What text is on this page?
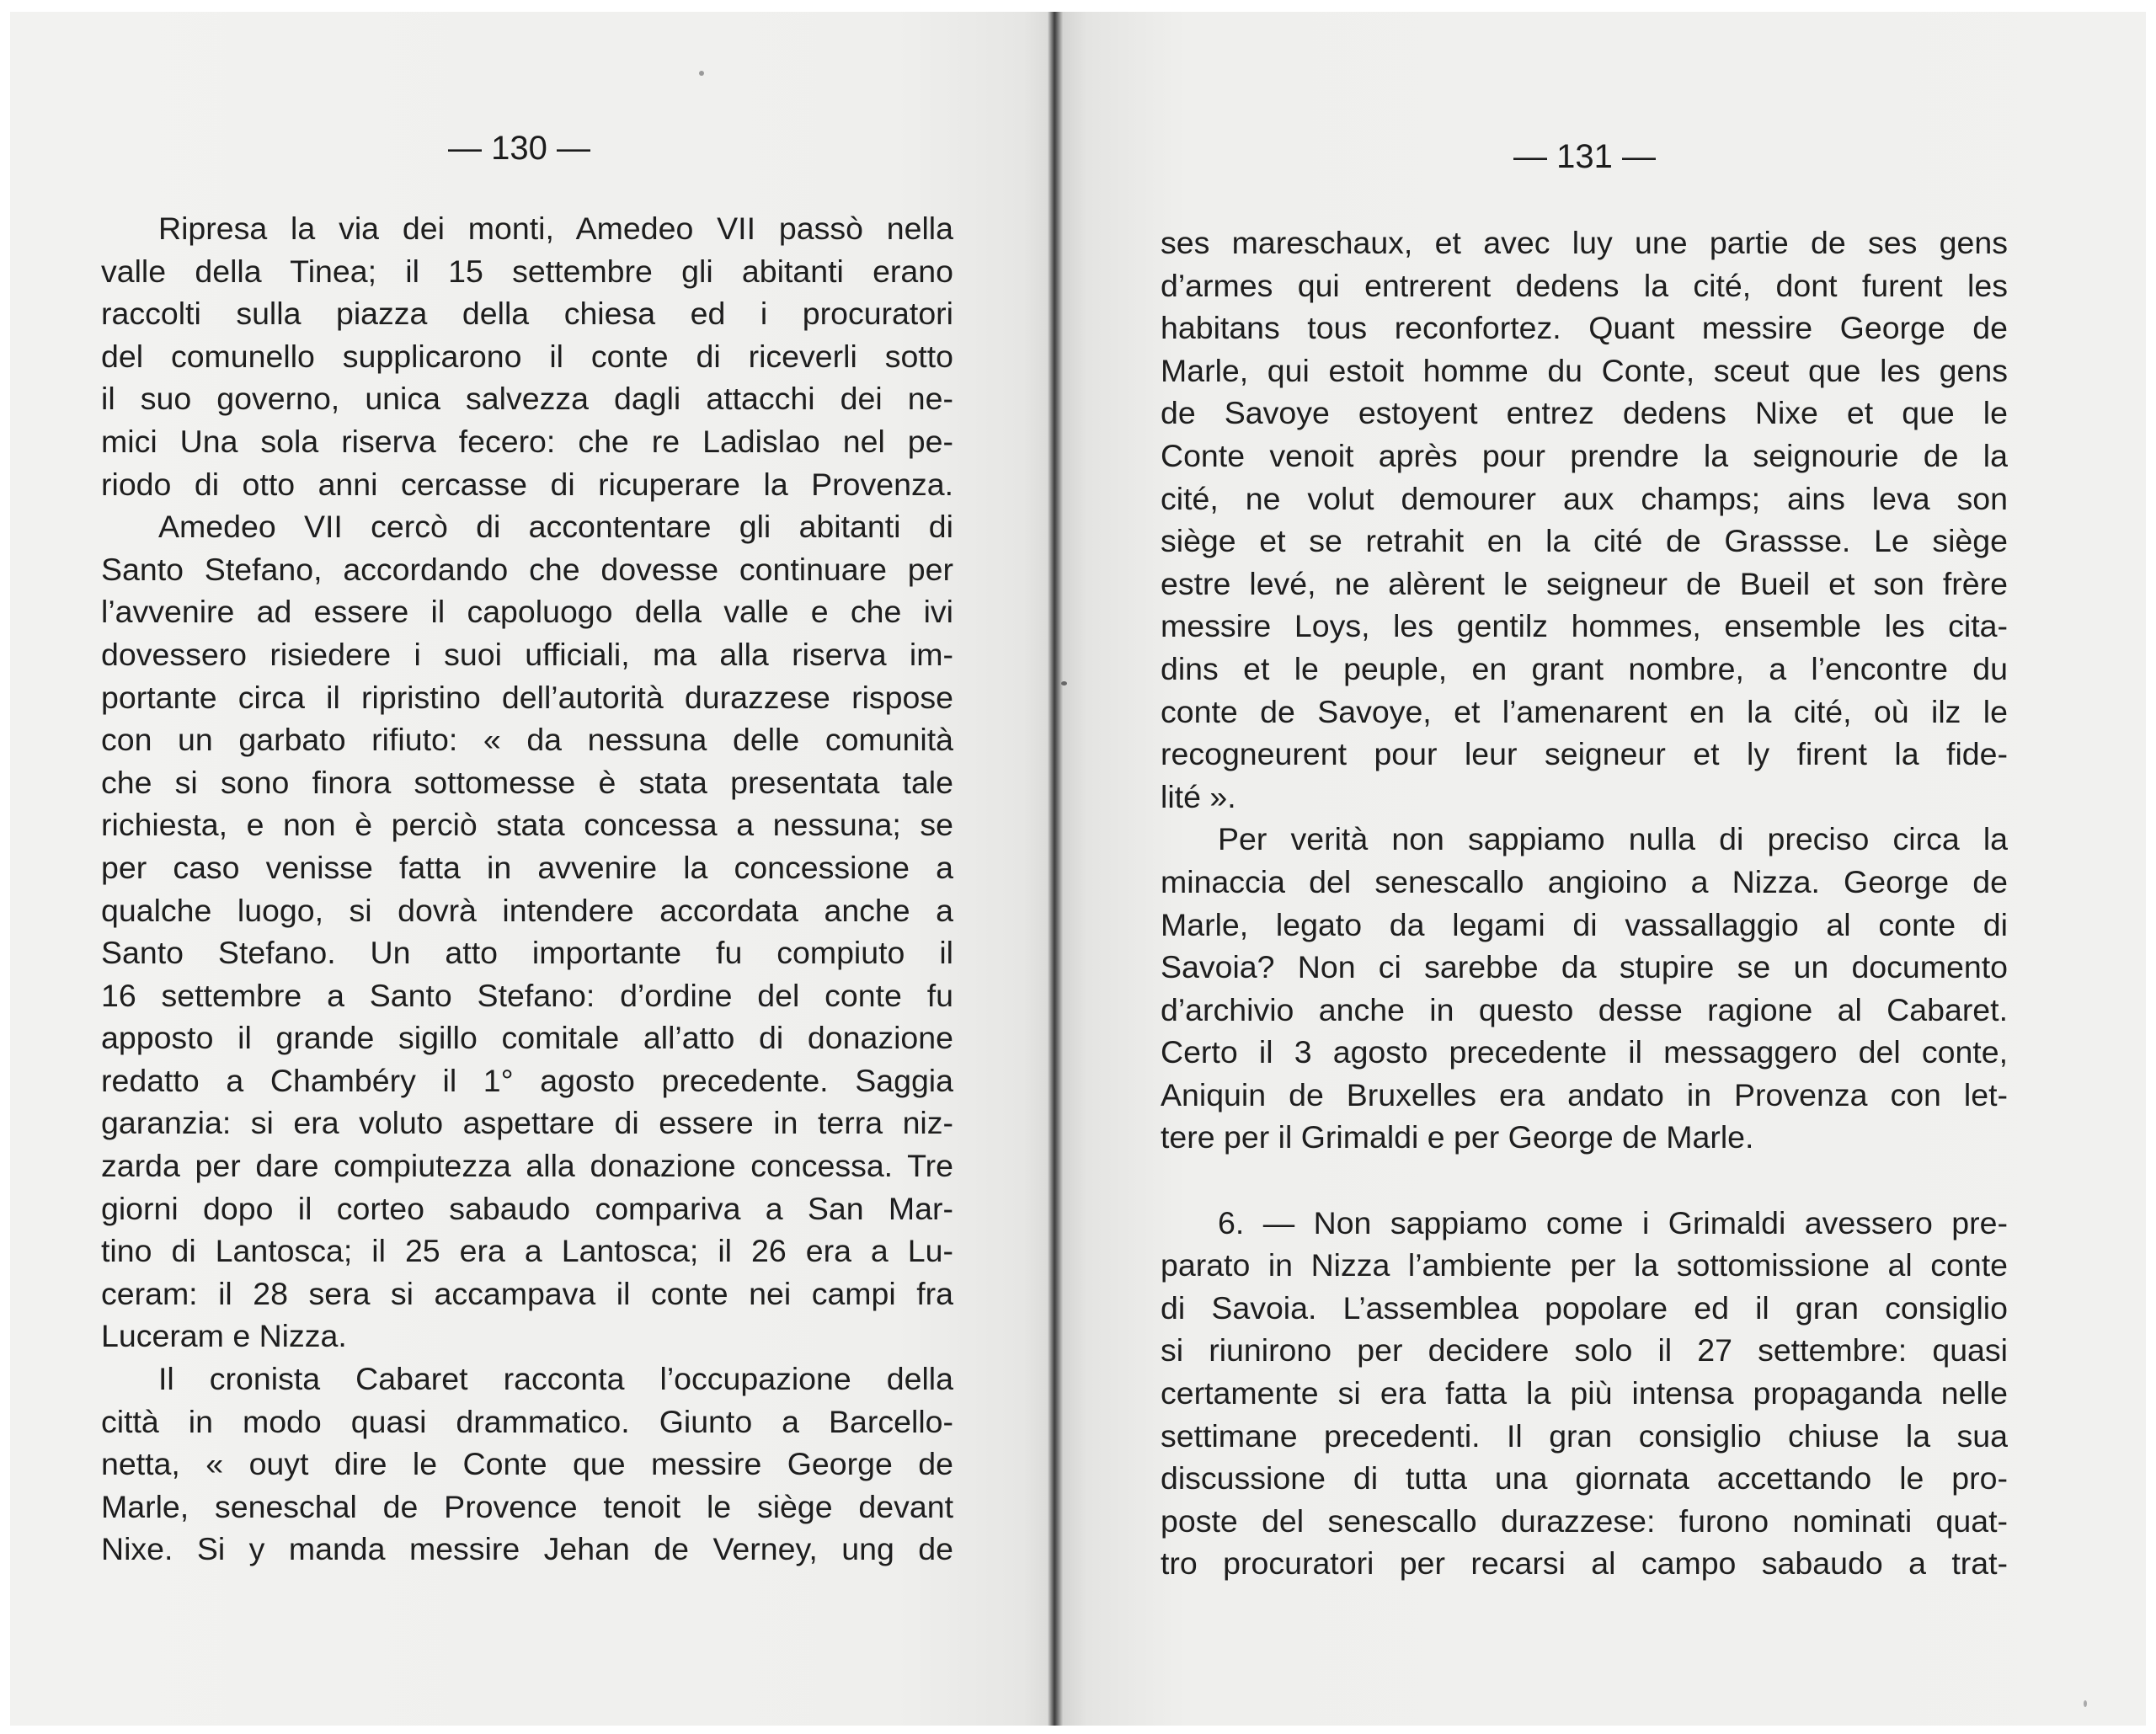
— 130 —	— 131 —
Ripresa la via dei monti, Amedeo VII passò nella
valle della Tinea; il 15 settembre gli abitanti erano
raccolti sulla piazza della chiesa ed i procuratori
del comunello supplicarono il conte di riceverli sotto
il suo governo, unica salvezza dagli attacchi dei ne-
mici Una sola riserva fecero: che re Ladislao nel pe-
riodo di otto anni cercasse di ricuperare la Provenza.
Amedeo VII cercò di accontentare gli abitanti di
Santo Stefano, accordando che dovesse continuare per
l’avvenire ad essere il capoluogo della valle e che ivi
dovessero risiedere i suoi ufficiali, ma alla riserva im-
portante circa il ripristino dell’autorità durazzese rispose
con un garbato rifiuto: « da nessuna delle comunità
che si sono finora sottomesse è stata presentata tale
richiesta, e non è perciò stata concessa a nessuna; se
per caso venisse fatta in avvenire la concessione a
qualche luogo, si dovrà intendere accordata anche a
Santo Stefano. Un atto importante fu compiuto il
16 settembre a Santo Stefano: d’ordine del conte fu
apposto il grande sigillo comitale all’atto di donazione
redatto a Chambéry il 1° agosto precedente. Saggia
garanzia: si era voluto aspettare di essere in terra niz-
zarda per dare compiutezza alla donazione concessa. Tre
giorni dopo il corteo sabaudo compariva a San Mar-
tino di Lantosca; il 25 era a Lantosca; il 26 era a Lu-
ceram: il 28 sera si accampava il conte nei campi fra
Luceram e Nizza.
Il cronista Cabaret racconta l’occupazione della
città in modo quasi drammatico. Giunto a Barcello-
netta, « ouyt dire le Conte que messire George de
Marle, seneschal de Provence tenoit le siège devant
Nixe. Si y manda messire Jehan de Verney, ung de
ses mareschaux, et avec luy une partie de ses gens
d’armes qui entrerent dedens la cité, dont furent les
habitans tous reconfortez. Quant messire George de
Marle, qui estoit homme du Conte, sceut que les gens
de Savoye estoyent entrez dedens Nixe et que le
Conte venoit après pour prendre la seignourie de la
cité, ne volut demourer aux champs; ains leva son
siège et se retrahit en la cité de Grassse. Le siège
estre levé, ne alèrent le seigneur de Bueil et son frère
messire Loys, les gentilz hommes, ensemble les cita-
dins et le peuple, en grant nombre, a l’encontre du
conte de Savoye, et l’amenarent en la cité, où ilz le
recogneurent pour leur seigneur et ly firent la fide-
lité ».
Per verità non sappiamo nulla di preciso circa la
minaccia del senescallo angioino a Nizza. George de
Marle, legato da legami di vassallaggio al conte di
Savoia? Non ci sarebbe da stupire se un documento
d’archivio anche in questo desse ragione al Cabaret.
Certo il 3 agosto precedente il messaggero del conte,
Aniquin de Bruxelles era andato in Provenza con let-
tere per il Grimaldi e per George de Marle.
6. — Non sappiamo come i Grimaldi avessero pre-
parato in Nizza l’ambiente per la sottomissione al conte
di Savoia. L’assemblea popolare ed il gran consiglio
si riunirono per decidere solo il 27 settembre: quasi
certamente si era fatta la più intensa propaganda nelle
settimane precedenti. Il gran consiglio chiuse la sua
discussione di tutta una giornata accettando le pro-
poste del senescallo durazzese: furono nominati quat-
tro procuratori per recarsi al campo sabaudo a trat-
